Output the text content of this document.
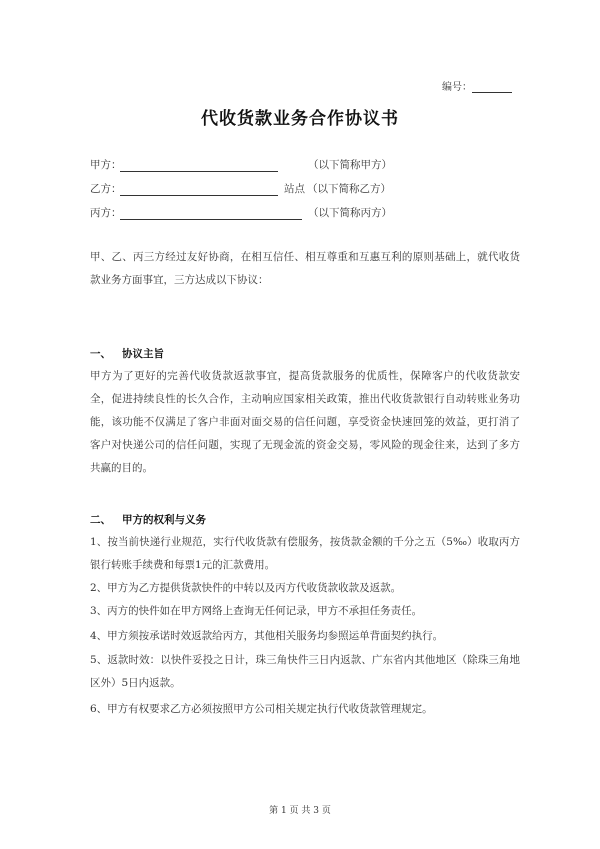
编号：
代收货款业务合作协议书
甲方：	（以下简称甲方）
乙方：	站点 （以下简称乙方）
丙方：	（以下简称丙方）
甲、乙、丙三方经过友好协商，在相互信任、相互尊重和互惠互利的原则基础上，就代收货款业务方面事宜，三方达成以下协议：
一、 协议主旨
甲方为了更好的完善代收货款返款事宜，提高货款服务的优质性，保障客户的代收货款安全，促进持续良性的长久合作，主动响应国家相关政策，推出代收货款银行自动转账业务功能，该功能不仅满足了客户非面对面交易的信任问题，享受资金快速回笼的效益，更打消了客户对快递公司的信任问题，实现了无现金流的资金交易，零风险的现金往来，达到了多方共赢的目的。
二、 甲方的权利与义务
1、按当前快递行业规范，实行代收货款有偿服务，按货款金额的千分之五（5‰）收取丙方银行转账手续费和每票1元的汇款费用。
2、甲方为乙方提供货款快件的中转以及丙方代收货款收款及返款。
3、丙方的快件如在甲方网络上查询无任何记录，甲方不承担任务责任。
4、甲方须按承诺时效返款给丙方，其他相关服务均参照运单背面契约执行。
5、返款时效：以快件妥投之日计，珠三角快件三日内返款、广东省内其他地区（除珠三角地区外）5日内返款。
6、甲方有权要求乙方必须按照甲方公司相关规定执行代收货款管理规定。
第 1 页 共 3 页
